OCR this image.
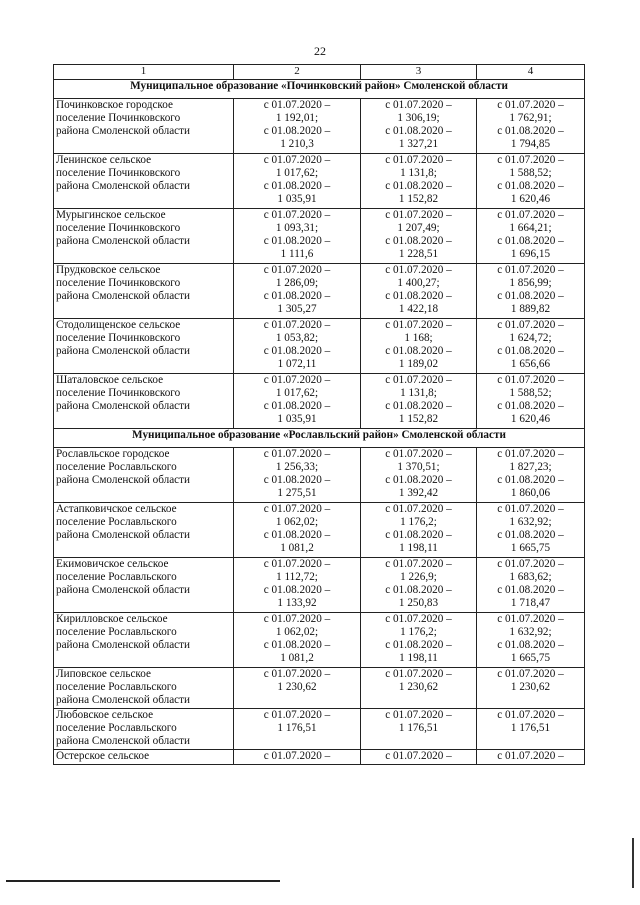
22
1	2	3	4
Муниципальное образование «Починковский район» Смоленской области			

Починковское городское
поселение Починковского
района Смоленской области	с 01.07.2020 –
1 192,01;
с 01.08.2020 –
1 210,3	с 01.07.2020 –
1 306,19;
с 01.08.2020 –
1 327,21	с 01.07.2020 –
1 762,91;
с 01.08.2020 –
1 794,85

Ленинское сельское
поселение Починковского
района Смоленской области	с 01.07.2020 –
1 017,62;
с 01.08.2020 –
1 035,91	с 01.07.2020 –
1 131,8;
с 01.08.2020 –
1 152,82	с 01.07.2020 –
1 588,52;
с 01.08.2020 –
1 620,46

Мурыгинское сельское
поселение Починковского
района Смоленской области	с 01.07.2020 –
1 093,31;
с 01.08.2020 –
1 111,6	с 01.07.2020 –
1 207,49;
с 01.08.2020 –
1 228,51	с 01.07.2020 –
1 664,21;
с 01.08.2020 –
1 696,15

Прудковское сельское
поселение Починковского
района Смоленской области	с 01.07.2020 –
1 286,09;
с 01.08.2020 –
1 305,27	с 01.07.2020 –
1 400,27;
с 01.08.2020 –
1 422,18	с 01.07.2020 –
1 856,99;
с 01.08.2020 –
1 889,82

Стодолищенское сельское
поселение Починковского
района Смоленской области	с 01.07.2020 –
1 053,82;
с 01.08.2020 –
1 072,11	с 01.07.2020 –
1 168;
с 01.08.2020 –
1 189,02	с 01.07.2020 –
1 624,72;
с 01.08.2020 –
1 656,66

Шаталовское сельское
поселение Починковского
района Смоленской области	с 01.07.2020 –
1 017,62;
с 01.08.2020 –
1 035,91	с 01.07.2020 –
1 131,8;
с 01.08.2020 –
1 152,82	с 01.07.2020 –
1 588,52;
с 01.08.2020 –
1 620,46

Муниципальное образование «Рославльский район» Смоленской области			

Рославльское городское
поселение Рославльского
района Смоленской области	с 01.07.2020 –
1 256,33;
с 01.08.2020 –
1 275,51	с 01.07.2020 –
1 370,51;
с 01.08.2020 –
1 392,42	с 01.07.2020 –
1 827,23;
с 01.08.2020 –
1 860,06

Астапковичское сельское
поселение Рославльского
района Смоленской области	с 01.07.2020 –
1 062,02;
с 01.08.2020 –
1 081,2	с 01.07.2020 –
1 176,2;
с 01.08.2020 –
1 198,11	с 01.07.2020 –
1 632,92;
с 01.08.2020 –
1 665,75

Екимовичское сельское
поселение Рославльского
района Смоленской области	с 01.07.2020 –
1 112,72;
с 01.08.2020 –
1 133,92	с 01.07.2020 –
1 226,9;
с 01.08.2020 –
1 250,83	с 01.07.2020 –
1 683,62;
с 01.08.2020 –
1 718,47

Кирилловское сельское
поселение Рославльского
района Смоленской области	с 01.07.2020 –
1 062,02;
с 01.08.2020 –
1 081,2	с 01.07.2020 –
1 176,2;
с 01.08.2020 –
1 198,11	с 01.07.2020 –
1 632,92;
с 01.08.2020 –
1 665,75

Липовское сельское
поселение Рославльского
района Смоленской области	с 01.07.2020 –
1 230,62	с 01.07.2020 –
1 230,62	с 01.07.2020 –
1 230,62

Любовское сельское
поселение Рославльского
района Смоленской области	с 01.07.2020 –
1 176,51	с 01.07.2020 –
1 176,51	с 01.07.2020 –
1 176,51

Остерское сельское	с 01.07.2020 –	с 01.07.2020 –	с 01.07.2020 –
